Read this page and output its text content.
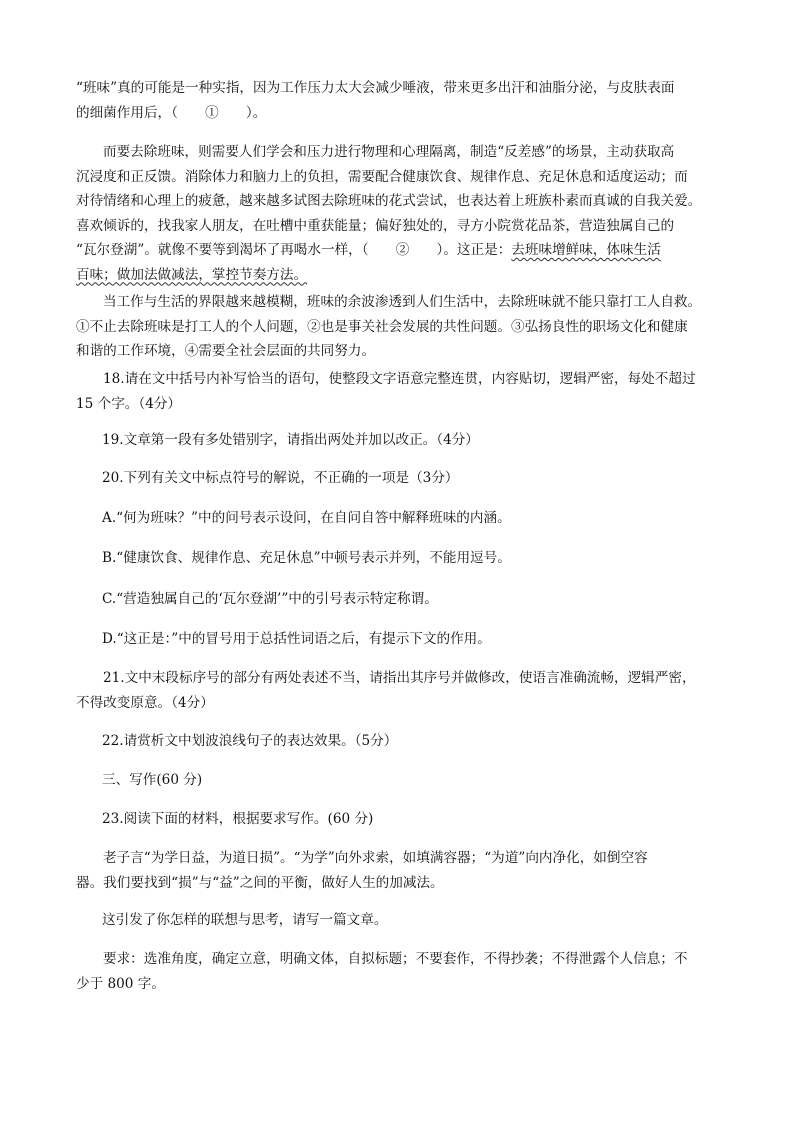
“班味”真的可能是一种实指，因为工作压力太大会减少唾液，带来更多出汗和油脂分泌，与皮肤表面
的细菌作用后，（　　①　　）。
而要去除班味，则需要人们学会和压力进行物理和心理隔离，制造“反差感”的场景，主动获取高
沉浸度和正反馈。消除体力和脑力上的负担，需要配合健康饮食、规律作息、充足休息和适度运动；而
对待情绪和心理上的疲惫，越来越多试图去除班味的花式尝试，也表达着上班族朴素而真诚的自我关爱。
喜欢倾诉的，找我家人朋友，在吐槽中重获能量；偏好独处的，寻方小院赏花品茶，营造独属自己的
“瓦尔登湖”。就像不要等到渴坏了再喝水一样，（　　②　　）。这正是：去班味增鲜味，体味生活
百味；做加法做减法，掌控节奏方法。
当工作与生活的界限越来越模糊，班味的余波渗透到人们生活中，去除班味就不能只靠打工人自救。
①不止去除班味是打工人的个人问题，②也是事关社会发展的共性问题。③弘扬良性的职场文化和健康
和谐的工作环境，④需要全社会层面的共同努力。
18.请在文中括号内补写恰当的语句，使整段文字语意完整连贯，内容贴切，逻辑严密，每处不超过
15 个字。（4分）
19.文章第一段有多处错别字，请指出两处并加以改正。（4分）
20.下列有关文中标点符号的解说，不正确的一项是（3分）
A.“何为班味？”中的问号表示设问，在自问自答中解释班味的内涵。
B.“健康饮食、规律作息、充足休息”中顿号表示并列，不能用逗号。
C.“营造独属自己的‘瓦尔登湖’”中的引号表示特定称谓。
D.“这正是：”中的冒号用于总括性词语之后，有提示下文的作用。
21.文中末段标序号的部分有两处表述不当，请指出其序号并做修改，使语言准确流畅，逻辑严密，
不得改变原意。（4分）
22.请赏析文中划波浪线句子的表达效果。（5分）
三、写作(60 分)
23.阅读下面的材料，根据要求写作。(60 分)
老子言“为学日益，为道日损”。“为学”向外求索，如填满容器；“为道”向内净化，如倒空容
器。我们要找到“损”与“益”之间的平衡，做好人生的加减法。
这引发了你怎样的联想与思考，请写一篇文章。
要求：选准角度，确定立意，明确文体，自拟标题；不要套作，不得抄袭；不得泄露个人信息；不
少于 800 字。
